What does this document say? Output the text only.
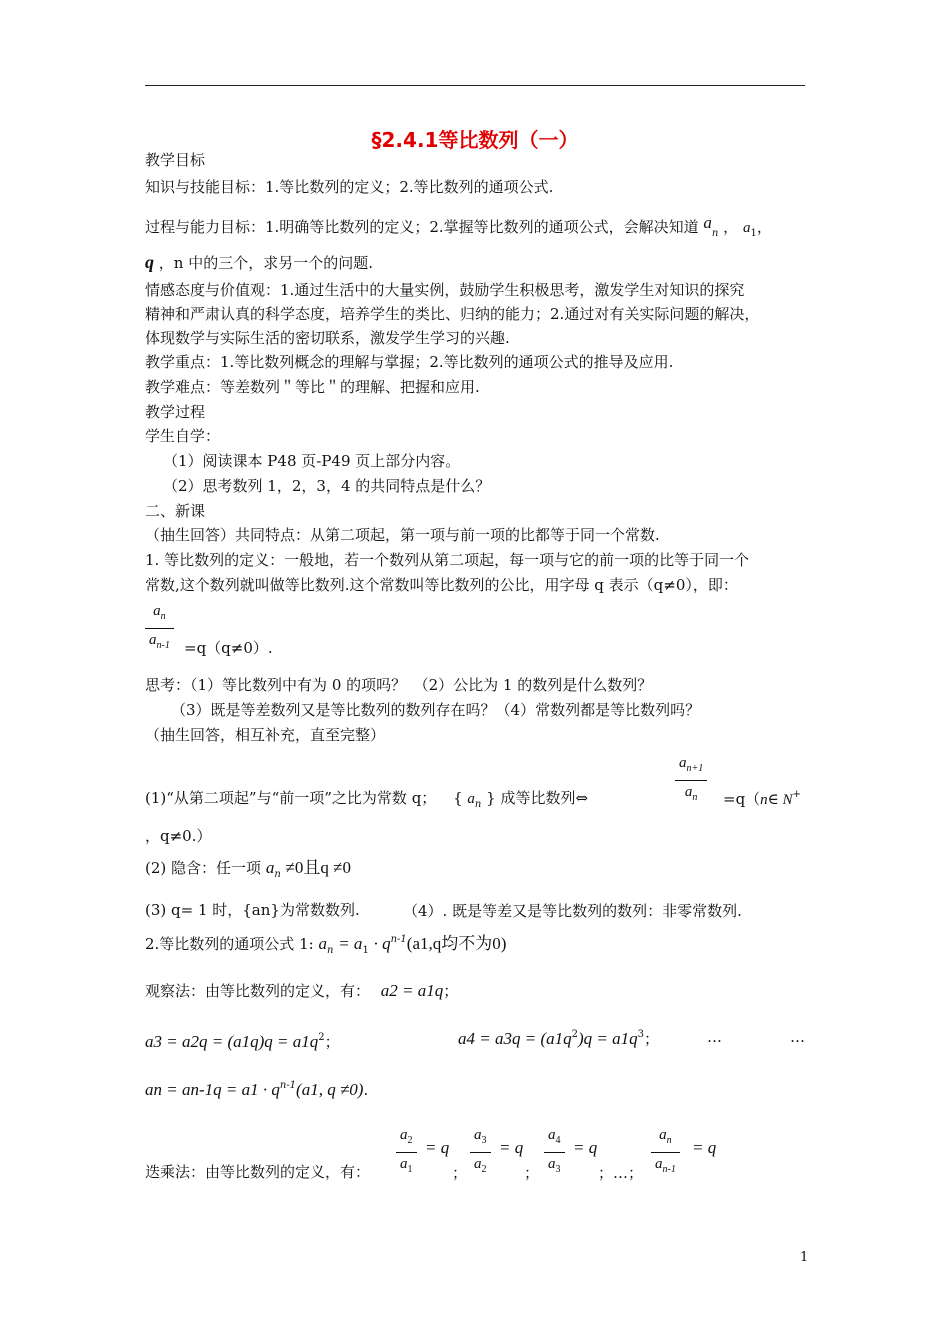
§2.4.1等比数列（一）
教学目标
知识与技能目标：1.等比数列的定义；2.等比数列的通项公式.
过程与能力目标：1.明确等比数列的定义；2.掌握等比数列的通项公式，会解决知道 $a_n$ ， $a_1$，
q ，n 中的三个，求另一个的问题.
情感态度与价值观：1.通过生活中的大量实例，鼓励学生积极思考，激发学生对知识的探究
精神和严肃认真的科学态度，培养学生的类比、归纳的能力；2.通过对有关实际问题的解决，
体现数学与实际生活的密切联系，激发学生学习的兴趣.
教学重点：1.等比数列概念的理解与掌握；2.等比数列的通项公式的推导及应用.
教学难点：等差数列＂等比＂的理解、把握和应用.
教学过程
学生自学：
（1）阅读课本 P48 页-P49 页上部分内容。
（2）思考数列 1，2，3，4 的共同特点是什么？
二、新课
（抽生回答）共同特点：从第二项起，第一项与前一项的比都等于同一个常数.
1. 等比数列的定义：一般地，若一个数列从第二项起，每一项与它的前一项的比等于同一个
常数,这个数列就叫做等比数列.这个常数叫等比数列的公比，用字母 q 表示（q≠0），即：
$a_n$
$a_{n-1} =q(q\ne 0)$.
思考：（1）等比数列中有为 0 的项吗？　（2）公比为 1 的数列是什么数列？
（3）既是等差数列又是等比数列的数列存在吗？（4）常数列都是等比数列吗？
（抽生回答，相互补充，直至完整）
(1)“从第二项起”与“前一项”之比为常数 q； { $a_n$ } 成等比数列⇔
$a_{n+1}$
$a_n$	=q（n∈ N+
，q≠0.）
(2) 隐含：任一项 $a_n \ne 0$且q ≠0
(3) q= 1 时，{an}为常数数列.	（4）. 既是等差又是等比数列的数列：非零常数列.
2.等比数列的通项公式 1: $a_n = a_1 \cdot q^{n-1}(a1,q$均不为0)
观察法：由等比数列的定义，有： a2 = a1q；
$a3 = a2q = (a1q)q = a1q^2$；	$a4 = a3q = (a1q^2)q = a1q^3$；	…	…
an = $an-1q = a1 \cdot q^{n-1}(a1$, q ≠0).
$a_2$
$a_1$
= q
$a_3$
$a_2$
= q
$a_4$
$a_3$
= q
$a_n$
$a_{n-1}$
= q
迭乘法：由等比数列的定义，有：	；	；	；…；
1
